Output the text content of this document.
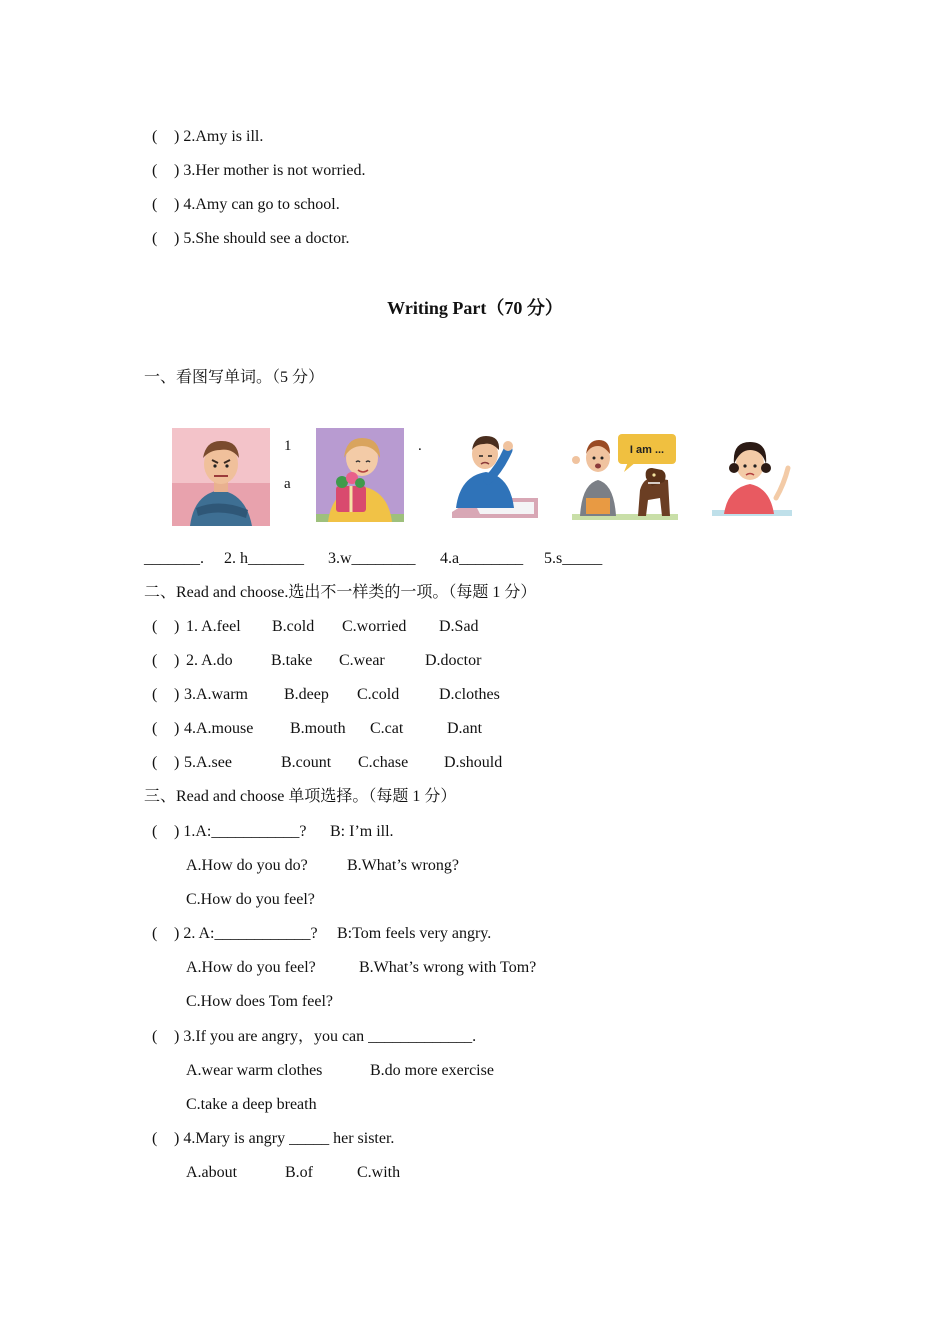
( ) 2.Amy is ill.
( ) 3.Her mother is not worried.
( ) 4.Amy can go to school.
( ) 5.She should see a doctor.
Writing Part（70 分）
一、看图写单词。（5 分）
1
a
.	I am ...
_______. 2. h_______ 3.w________ 4.a________ 5.s_____
二、Read and choose.选出不一样类的一项。（每题 1 分）
( ) 1. A.feel B.cold C.worried D.Sad
( ) 2. A.do B.take C.wear	D.doctor
( ) 3.A.warm B.deep C.cold D.clothes
( ) 4.A.mouse B.mouth C.cat	D.ant
( ) 5.A.see	B.count C.chase D.should
三、Read and choose 单项选择。（每题 1 分）
( ) 1.A:___________? B: I’m ill.
A.How do you do? B.What’s wrong?
C.How do you feel?
( ) 2. A:____________? B:Tom feels very angry.
A.How do you feel?	B.What’s wrong with Tom?
C.How does Tom feel?
( ) 3.If you are angry，you can _____________.
A.wear warm clothes	B.do more exercise
C.take a deep breath
( ) 4.Mary is angry _____ her sister.
A.about	B.of	C.with
